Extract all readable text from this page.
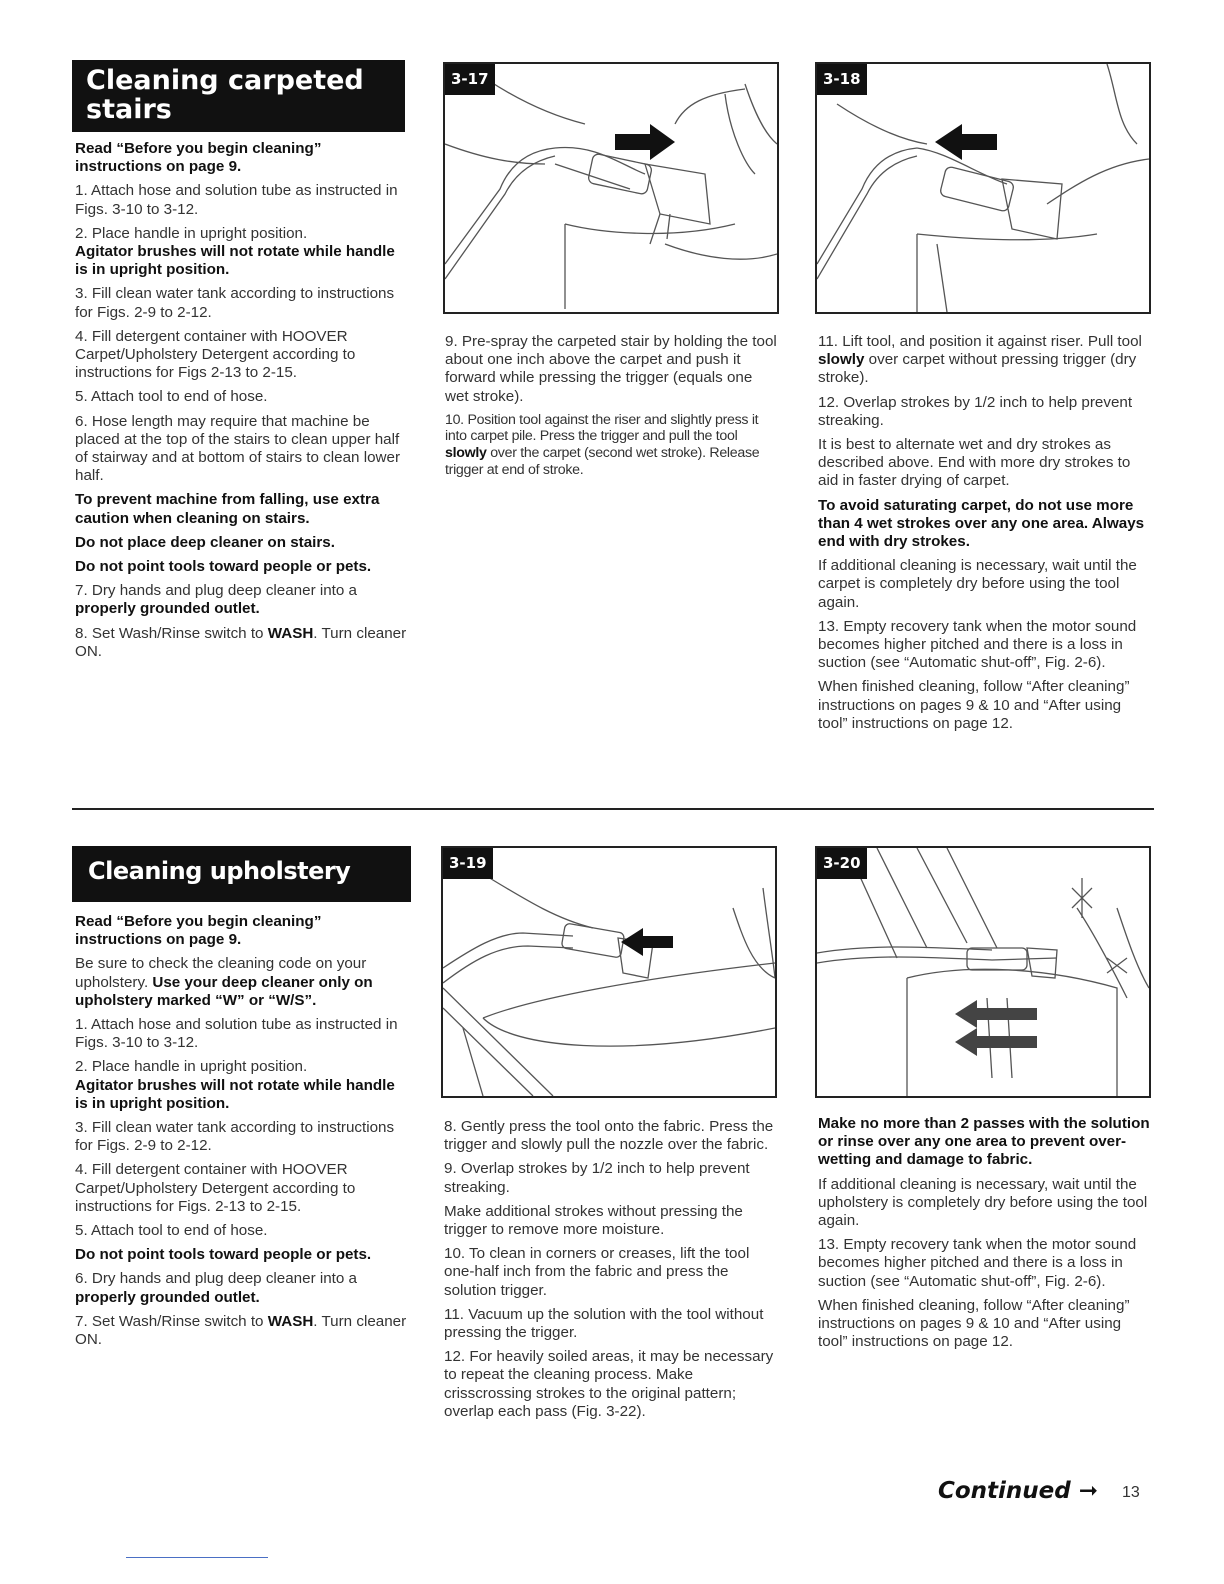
Cleaning carpeted
stairs

Read “Before you begin cleaning” instructions on page 9.

1. Attach hose and solution tube as instructed in Figs. 3-10 to 3-12.

2. Place handle in upright position.
Agitator brushes will not rotate while handle is in upright position.

3. Fill clean water tank according to instructions for Figs. 2-9 to 2-12.

4. Fill detergent container with HOOVER Carpet/Upholstery Detergent according to instructions for Figs 2-13 to 2-15.

5. Attach tool to end of hose.

6. Hose length may require that machine be placed at the top of the stairs to clean upper half of stairway and at bottom of stairs to clean lower half.

To prevent machine from falling, use extra caution when cleaning on stairs.

Do not place deep cleaner on stairs.

Do not point tools toward people or pets.

7. Dry hands and plug deep cleaner into a properly grounded outlet.

8. Set Wash/Rinse switch to WASH. Turn cleaner ON.

3-17

9. Pre-spray the carpeted stair by holding the tool about one inch above the carpet and push it forward while pressing the trigger (equals one wet stroke).

10. Position tool against the riser and slightly press it into carpet pile. Press the trigger and pull the tool slowly over the carpet (second wet stroke). Release trigger at end of stroke.

3-18

11. Lift tool, and position it against riser. Pull tool slowly over carpet without pressing trigger (dry stroke).

12. Overlap strokes by 1/2 inch to help prevent streaking.

It is best to alternate wet and dry strokes as described above. End with more dry strokes to aid in faster drying of carpet.

To avoid saturating carpet, do not use more than 4 wet strokes over any one area. Always end with dry strokes.

If additional cleaning is necessary, wait until the carpet is completely dry before using the tool again.

13. Empty recovery tank when the motor sound becomes higher pitched and there is a loss in suction (see “Automatic shut-off”, Fig. 2-6).

When finished cleaning, follow “After cleaning” instructions on pages 9 & 10 and “After using tool” instructions on page 12.

Cleaning upholstery

Read “Before you begin cleaning” instructions on page 9.

Be sure to check the cleaning code on your upholstery. Use your deep cleaner only on upholstery marked “W” or “W/S”.

1. Attach hose and solution tube as instructed in Figs. 3-10 to 3-12.

2. Place handle in upright position.
Agitator brushes will not rotate while handle is in upright position.

3. Fill clean water tank according to instructions for Figs. 2-9 to 2-12.

4. Fill detergent container with HOOVER Carpet/Upholstery Detergent according to instructions for Figs. 2-13 to 2-15.

5. Attach tool to end of hose.

Do not point tools toward people or pets.

6. Dry hands and plug deep cleaner into a properly grounded outlet.

7. Set Wash/Rinse switch to WASH. Turn cleaner ON.

3-19

8. Gently press the tool onto the fabric. Press the trigger and slowly pull the nozzle over the fabric.

9. Overlap strokes by 1/2 inch to help prevent streaking.

Make additional strokes without pressing the trigger to remove more moisture.

10. To clean in corners or creases, lift the tool one-half inch from the fabric and press the solution trigger.

11. Vacuum up the solution with the tool without pressing the trigger.

12. For heavily soiled areas, it may be necessary to repeat the cleaning process. Make crisscrossing strokes to the original pattern; overlap each pass (Fig. 3-22).

3-20

Make no more than 2 passes with the solution or rinse over any one area to prevent over-wetting and damage to fabric.

If additional cleaning is necessary, wait until the upholstery is completely dry before using the tool again.

13. Empty recovery tank when the motor sound becomes higher pitched and there is a loss in suction (see “Automatic shut-off”, Fig. 2-6).

When finished cleaning, follow “After cleaning” instructions on pages 9 & 10 and “After using tool” instructions on page 12.

Continued ➞ 13
